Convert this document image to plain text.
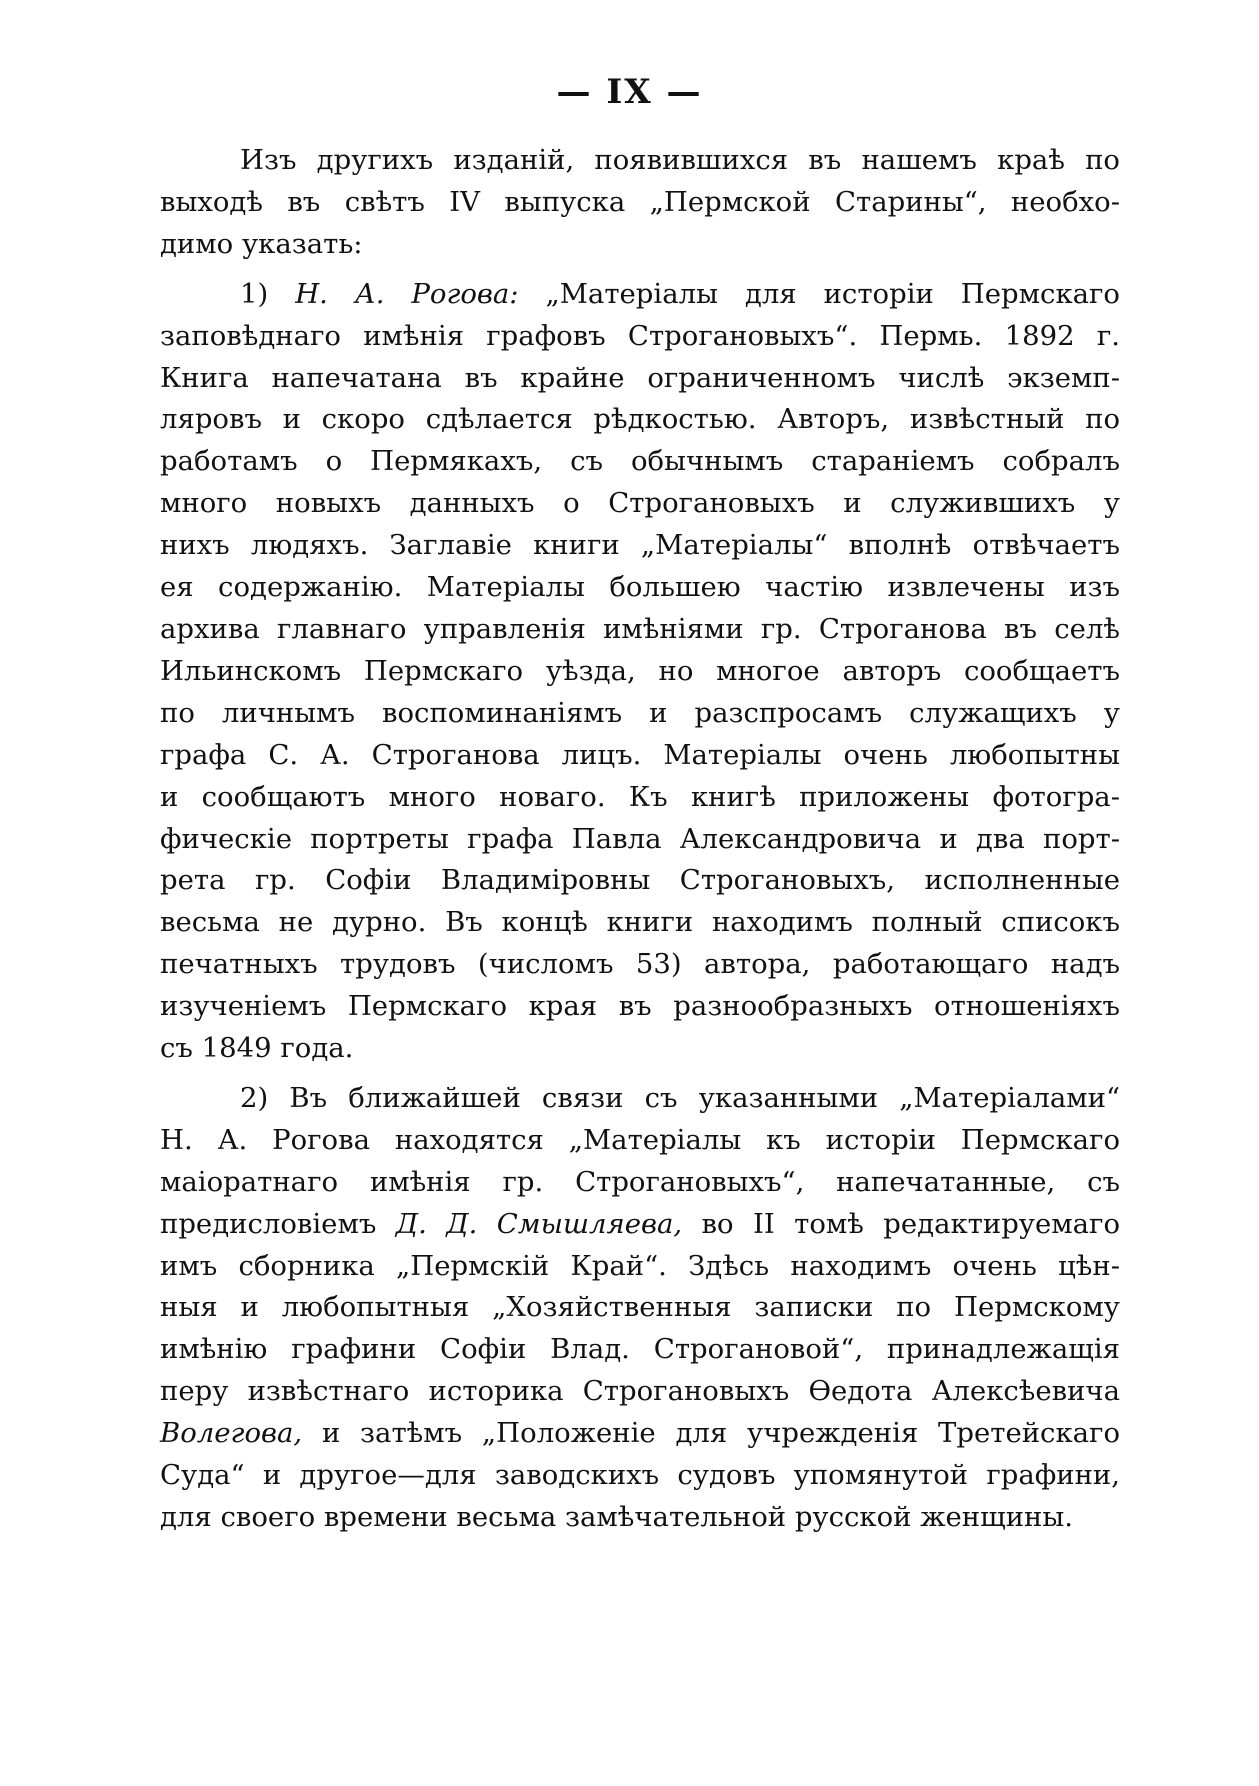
— IX —
Изъ другихъ изданій, появившихся въ нашемъ краѣ по
выходѣ въ свѣтъ IV выпуска „Пермской Старины“, необхо-
димо указать:
1) Н. А. Рогова: „Матеріалы для исторіи Пермскаго
заповѣднаго имѣнія графовъ Строгановыхъ“. Пермь. 1892 г.
Книга напечатана въ крайне ограниченномъ числѣ экземп-
ляровъ и скоро сдѣлается рѣдкостью. Авторъ, извѣстный по
работамъ о Пермякахъ, съ обычнымъ стараніемъ собралъ
много новыхъ данныхъ о Строгановыхъ и служившихъ у
нихъ людяхъ. Заглавіе книги „Матеріалы“ вполнѣ отвѣчаетъ
ея содержанію. Матеріалы большею частію извлечены изъ
архива главнаго управленія имѣніями гр. Строганова въ селѣ
Ильинскомъ Пермскаго уѣзда, но многое авторъ сообщаетъ
по личнымъ воспоминаніямъ и разспросамъ служащихъ у
графа С. А. Строганова лицъ. Матеріалы очень любопытны
и сообщаютъ много новаго. Къ книгѣ приложены фотогра-
фическіе портреты графа Павла Александровича и два порт-
рета гр. Софіи Владиміровны Строгановыхъ, исполненные
весьма не дурно. Въ концѣ книги находимъ полный списокъ
печатныхъ трудовъ (числомъ 53) автора, работающаго надъ
изученіемъ Пермскаго края въ разнообразныхъ отношеніяхъ
съ 1849 года.
2) Въ ближайшей связи съ указанными „Матеріалами“
Н. А. Рогова находятся „Матеріалы къ исторіи Пермскаго
маіоратнаго имѣнія гр. Строгановыхъ“, напечатанные, съ
предисловіемъ Д. Д. Смышляева, во II томѣ редактируемаго
имъ сборника „Пермскій Край“. Здѣсь находимъ очень цѣн-
ныя и любопытныя „Хозяйственныя записки по Пермскому
имѣнію графини Софіи Влад. Строгановой“, принадлежащія
перу извѣстнаго историка Строгановыхъ Ѳедота Алексѣевича
Волегова, и затѣмъ „Положеніе для учрежденія Третейскаго
Суда“ и другое—для заводскихъ судовъ упомянутой графини,
для своего времени весьма замѣчательной русской женщины.
